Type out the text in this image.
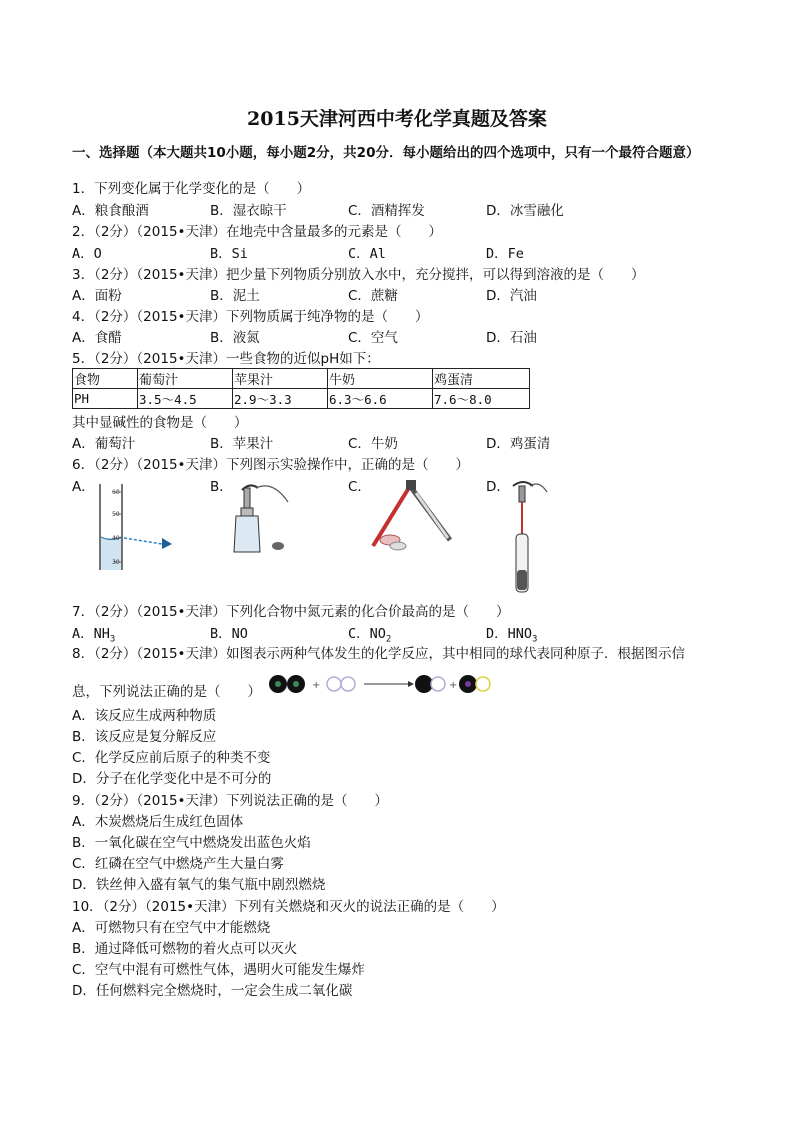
2015天津河西中考化学真题及答案
一、选择题（本大题共10小题，每小题2分，共20分．每小题给出的四个选项中，只有一个最符合题意）
1．下列变化属于化学变化的是（　　）
A．粮食酿酒	B．湿衣晾干	C．酒精挥发	D．冰雪融化
2．（2分）（2015•天津）在地壳中含量最多的元素是（　　）
A．O	B．Si	C．Al	D．Fe
3．（2分）（2015•天津）把少量下列物质分别放入水中，充分搅拌，可以得到溶液的是（　　）
A．面粉	B．泥土	C．蔗糖	D．汽油
4．（2分）（2015•天津）下列物质属于纯净物的是（　　）
A．食醋	B．液氮	C．空气	D．石油
5．（2分）（2015•天津）一些食物的近似pH如下：
食物	葡萄汁	苹果汁	牛奶	鸡蛋清
PH	3.5～4.5	2.9～3.3	6.3～6.6	7.6～8.0
其中显碱性的食物是（　　）
A．葡萄汁	B．苹果汁	C．牛奶	D．鸡蛋清
6．（2分）（2015•天津）下列图示实验操作中，正确的是（　　）
A．	B．	C．	D．
60
50
40
30
7．（2分）（2015•天津）下列化合物中氮元素的化合价最高的是（　　）
A．$NH_3$	B．NO	C．$NO_2$	D．$HNO_3$
8．（2分）（2015•天津）如图表示两种气体发生的化学反应，其中相同的球代表同种原子．根据图示信
息，下列说法正确的是（　　）	+	+
A．该反应生成两种物质
B．该反应是复分解反应
C．化学反应前后原子的种类不变
D．分子在化学变化中是不可分的
9．（2分）（2015•天津）下列说法正确的是（　　）
A．木炭燃烧后生成红色固体
B．一氧化碳在空气中燃烧发出蓝色火焰
C．红磷在空气中燃烧产生大量白雾
D．铁丝伸入盛有氧气的集气瓶中剧烈燃烧
10．（2分）（2015•天津）下列有关燃烧和灭火的说法正确的是（　　）
A．可燃物只有在空气中才能燃烧
B．通过降低可燃物的着火点可以灭火
C．空气中混有可燃性气体，遇明火可能发生爆炸
D．任何燃料完全燃烧时，一定会生成二氧化碳
